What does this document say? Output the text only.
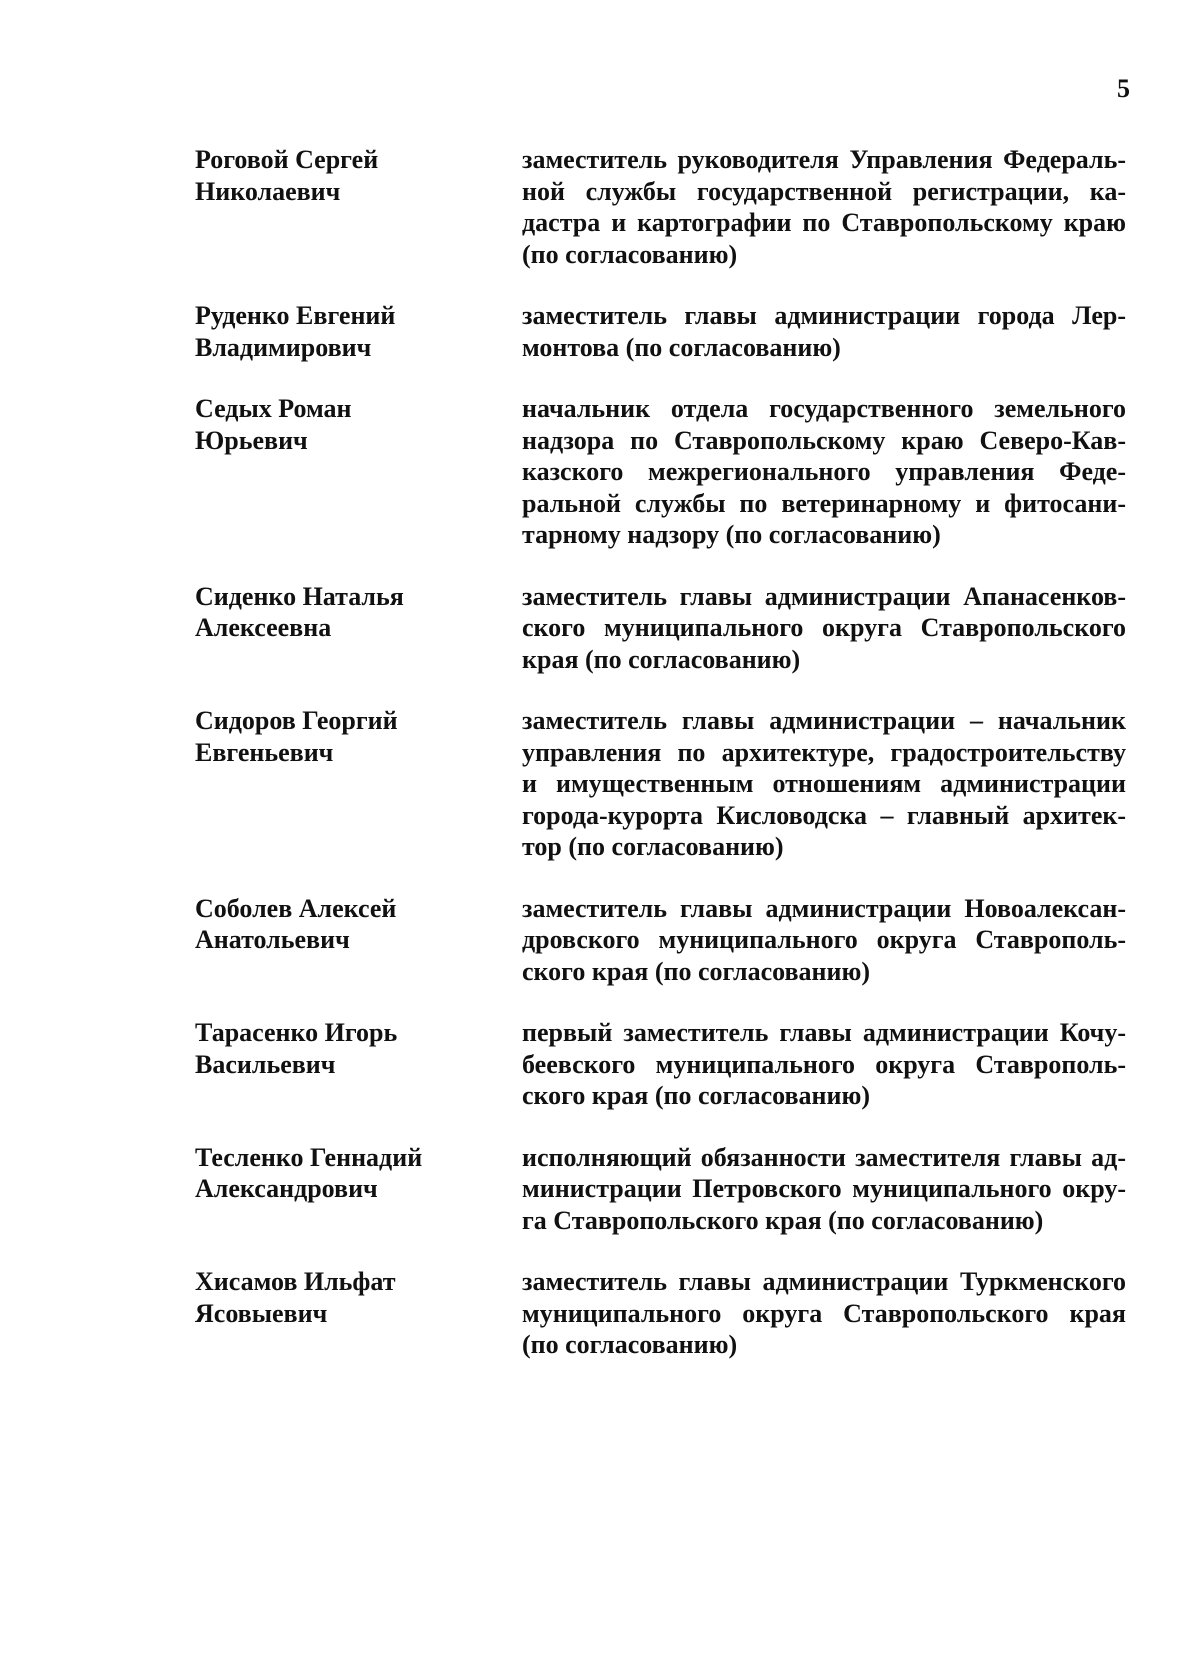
5
Роговой Сергей
Николаевич
заместитель руководителя Управления Федераль-
ной службы государственной регистрации, ка-
дастра и картографии по Ставропольскому краю
(по согласованию)
Руденко Евгений
Владимирович
заместитель главы администрации города Лер-
монтова (по согласованию)
Седых Роман
Юрьевич
начальник отдела государственного земельного
надзора по Ставропольскому краю Северо-Кав-
казского межрегионального управления Феде-
ральной службы по ветеринарному и фитосани-
тарному надзору (по согласованию)
Сиденко Наталья
Алексеевна
заместитель главы администрации Апанасенков-
ского муниципального округа Ставропольского
края (по согласованию)
Сидоров Георгий
Евгеньевич
заместитель главы администрации – начальник
управления по архитектуре, градостроительству
и имущественным отношениям администрации
города-курорта Кисловодска – главный архитек-
тор (по согласованию)
Соболев Алексей
Анатольевич
заместитель главы администрации Новоалексан-
дровского муниципального округа Ставрополь-
ского края (по согласованию)
Тарасенко Игорь
Васильевич
первый заместитель главы администрации Кочу-
беевского муниципального округа Ставрополь-
ского края (по согласованию)
Тесленко Геннадий
Александрович
исполняющий обязанности заместителя главы ад-
министрации Петровского муниципального окру-
га Ставропольского края (по согласованию)
Хисамов Ильфат
Ясовыевич
заместитель главы администрации Туркменского
муниципального округа Ставропольского края
(по согласованию)
